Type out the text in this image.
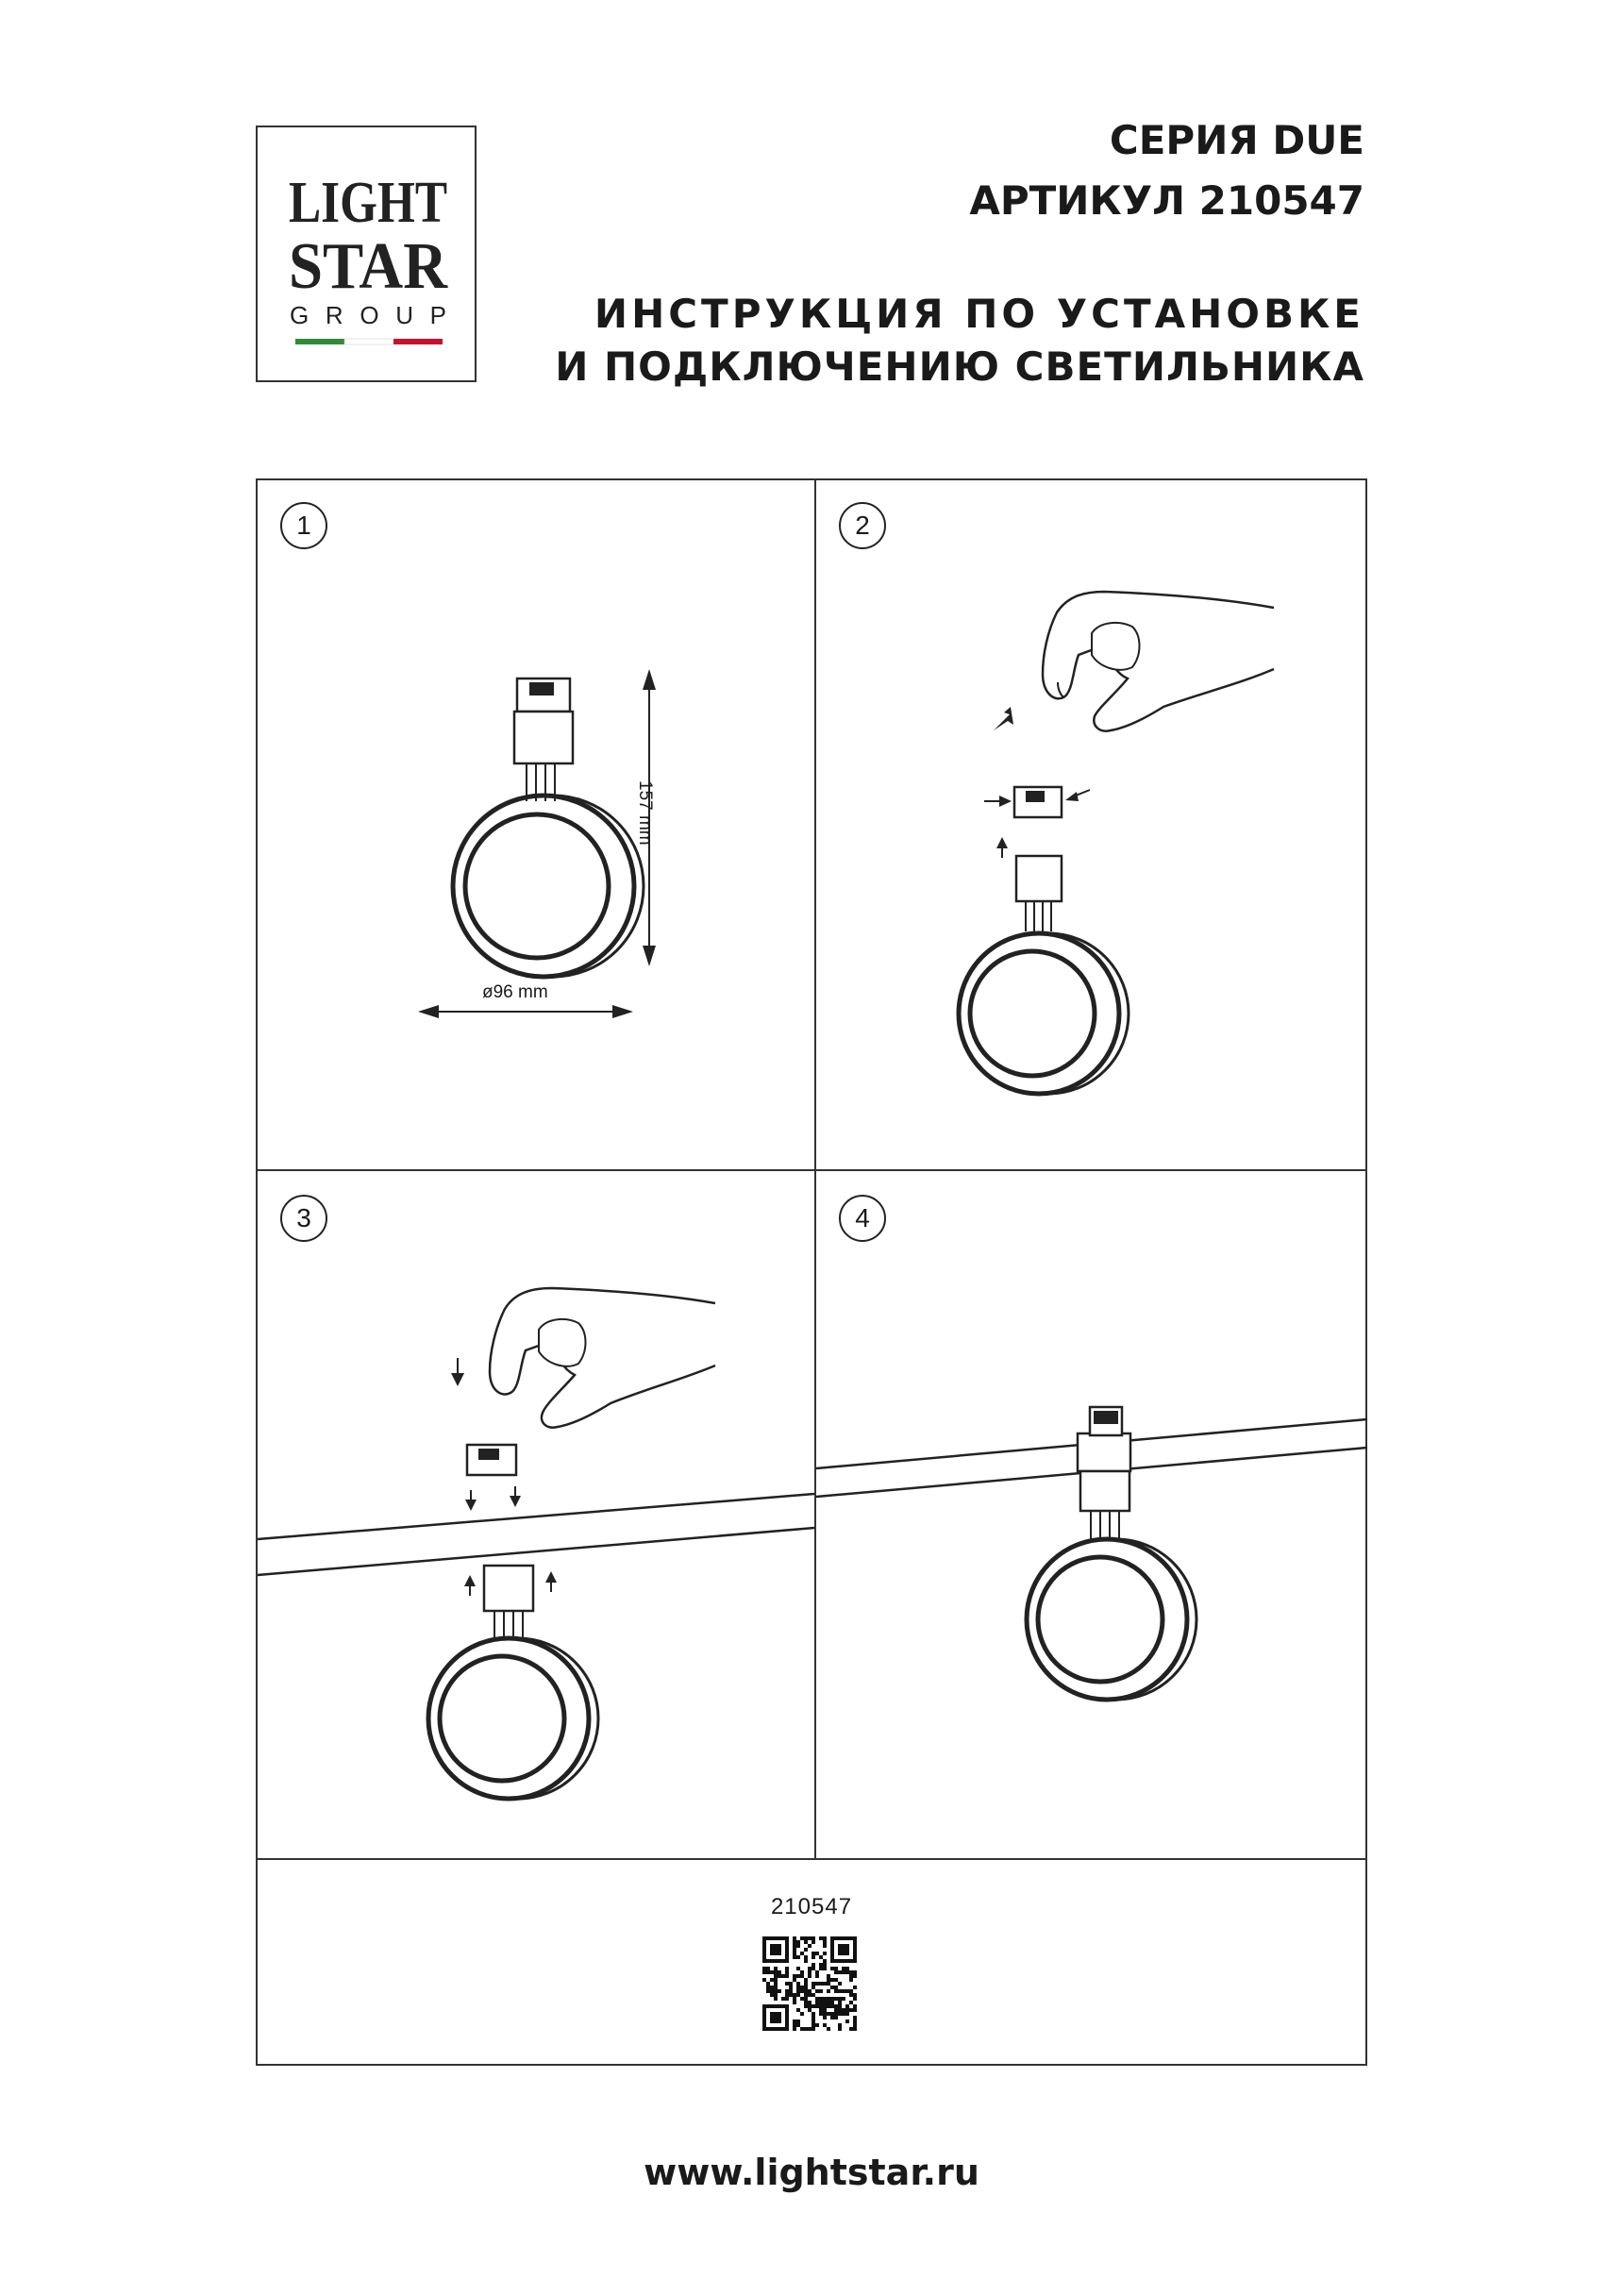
LIGHT
STAR
GROUP
СЕРИЯ DUE
АРТИКУЛ 210547
ИНСТРУКЦИЯ ПО УСТАНОВКЕ
И ПОДКЛЮЧЕНИЮ СВЕТИЛЬНИКА
1
157 mm
ø96 mm
2
3	4
210547
www.lightstar.ru
